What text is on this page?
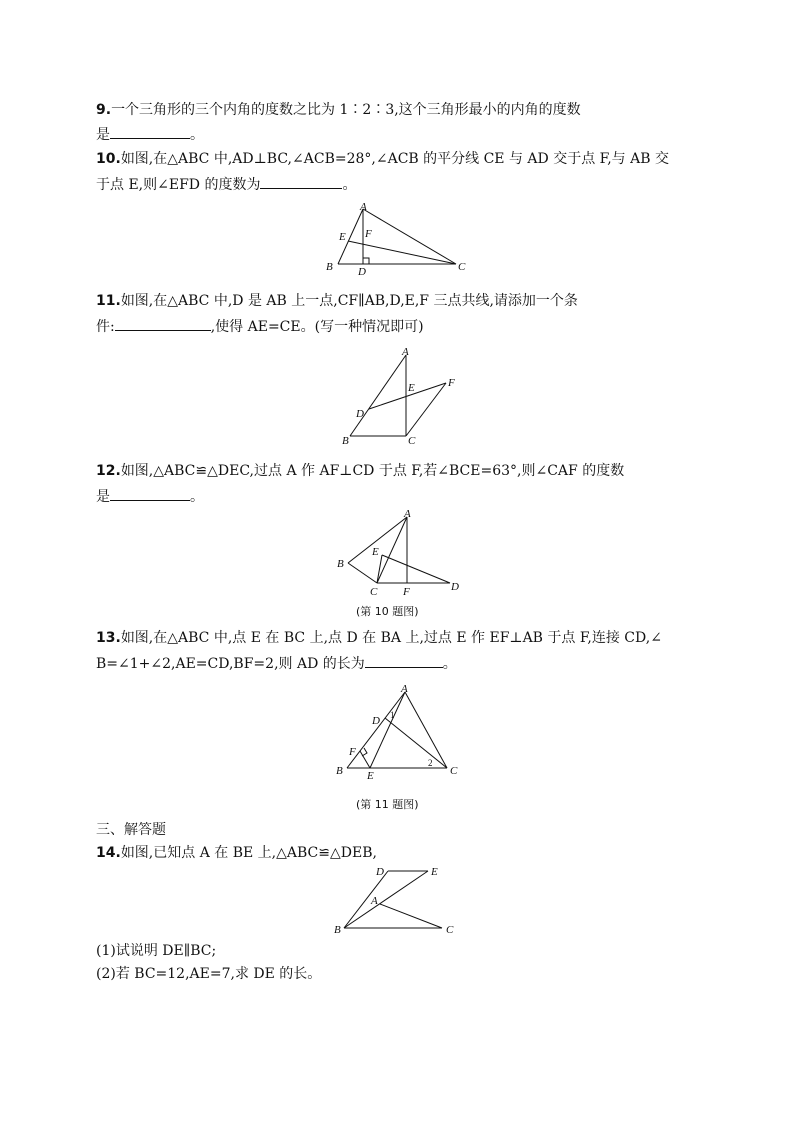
9.一个三角形的三个内角的度数之比为 1∶2∶3,这个三角形最小的内角的度数
是	。
10.如图,在△ABC 中,AD⊥BC,∠ACB=28°,∠ACB 的平分线 CE 与 AD 交于点 F,与 AB 交
于点 E,则∠EFD 的度数为	。
A
B	C
D
E F
11.如图,在△ABC 中,D 是 AB 上一点,CF∥AB,D,E,F 三点共线,请添加一个条
件:	,使得 AE=CE。(写一种情况即可)
A
B	C
D
E	F
12.如图,△ABC≌△DEC,过点 A 作 AF⊥CD 于点 F,若∠BCE=63°,则∠CAF 的度数
是	。
A
B
C	D
E
F
(第 10 题图)
13.如图,在△ABC 中,点 E 在 BC 上,点 D 在 BA 上,过点 E 作 EF⊥AB 于点 F,连接 CD,∠
B=∠1+∠2,AE=CD,BF=2,则 AD 的长为	。
A
B	C
D
E
F
1
2
(第 11 题图)
三、解答题
14.如图,已知点 A 在 BE 上,△ABC≌△DEB,
D	E
A
B	C
(1)试说明 DE∥BC;
(2)若 BC=12,AE=7,求 DE 的长。
